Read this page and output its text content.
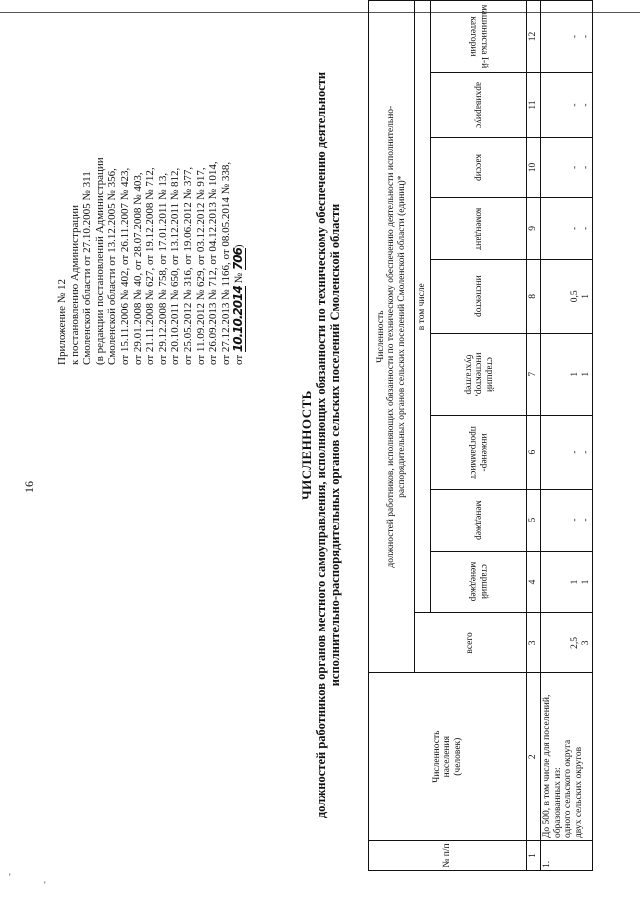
'
'
16
Приложение № 12 к постановлению Администрации Смоленской области от 27.10.2005 № 311 (в редакции постановлений Администрации Смоленской области от 13.12.2005 № 356, от 15.11.2006 № 402, от 26.11.2007 № 423, от 29.01.2008 № 40, от 28.07.2008 № 403, от 21.11.2008 № 627, от 19.12.2008 № 712, от 29.12.2008 № 758, от 17.01.2011 № 13, от 20.10.2011 № 650, от 13.12.2011 № 812, от 25.05.2012 № 316, от 19.06.2012 № 377, от 11.09.2012 № 629, от 03.12.2012 № 917, от 26.09.2013 № 712, от 04.12.2013 № 1014, от 27.12.2013 № 1166, от 08.05.2014 № 338, от 10.10.2014 № 706)
ЧИСЛЕННОСТЬ должностей работников органов местного самоуправления, исполняющих обязанности по техническому обеспечению деятельности исполнительно-распорядительных органов сельских поселений Смоленской области
№ п/п	Численность населения (человек)	Численность должностей работников, исполняющих обязанности по техническому обеспечению деятельности исполнительно- распорядительных органов сельских поселений Смоленской области (единиц)*									

		всего	в том числе								
			старший менеджер	менеджер	инженер-программист	старший инспектор, бухгалтер	инспектор	комендант	кассир	архивариус	машинистка I-й категории
1	2	3	4	5	6	7	8	9	10	11	12
1.	До 500, в том числе для поселений, образованных из: одного сельского округа двух сельских округов	2,5 3	1 1	- -	- -	1 1	0,5 1	- -	- -	- -	- -
